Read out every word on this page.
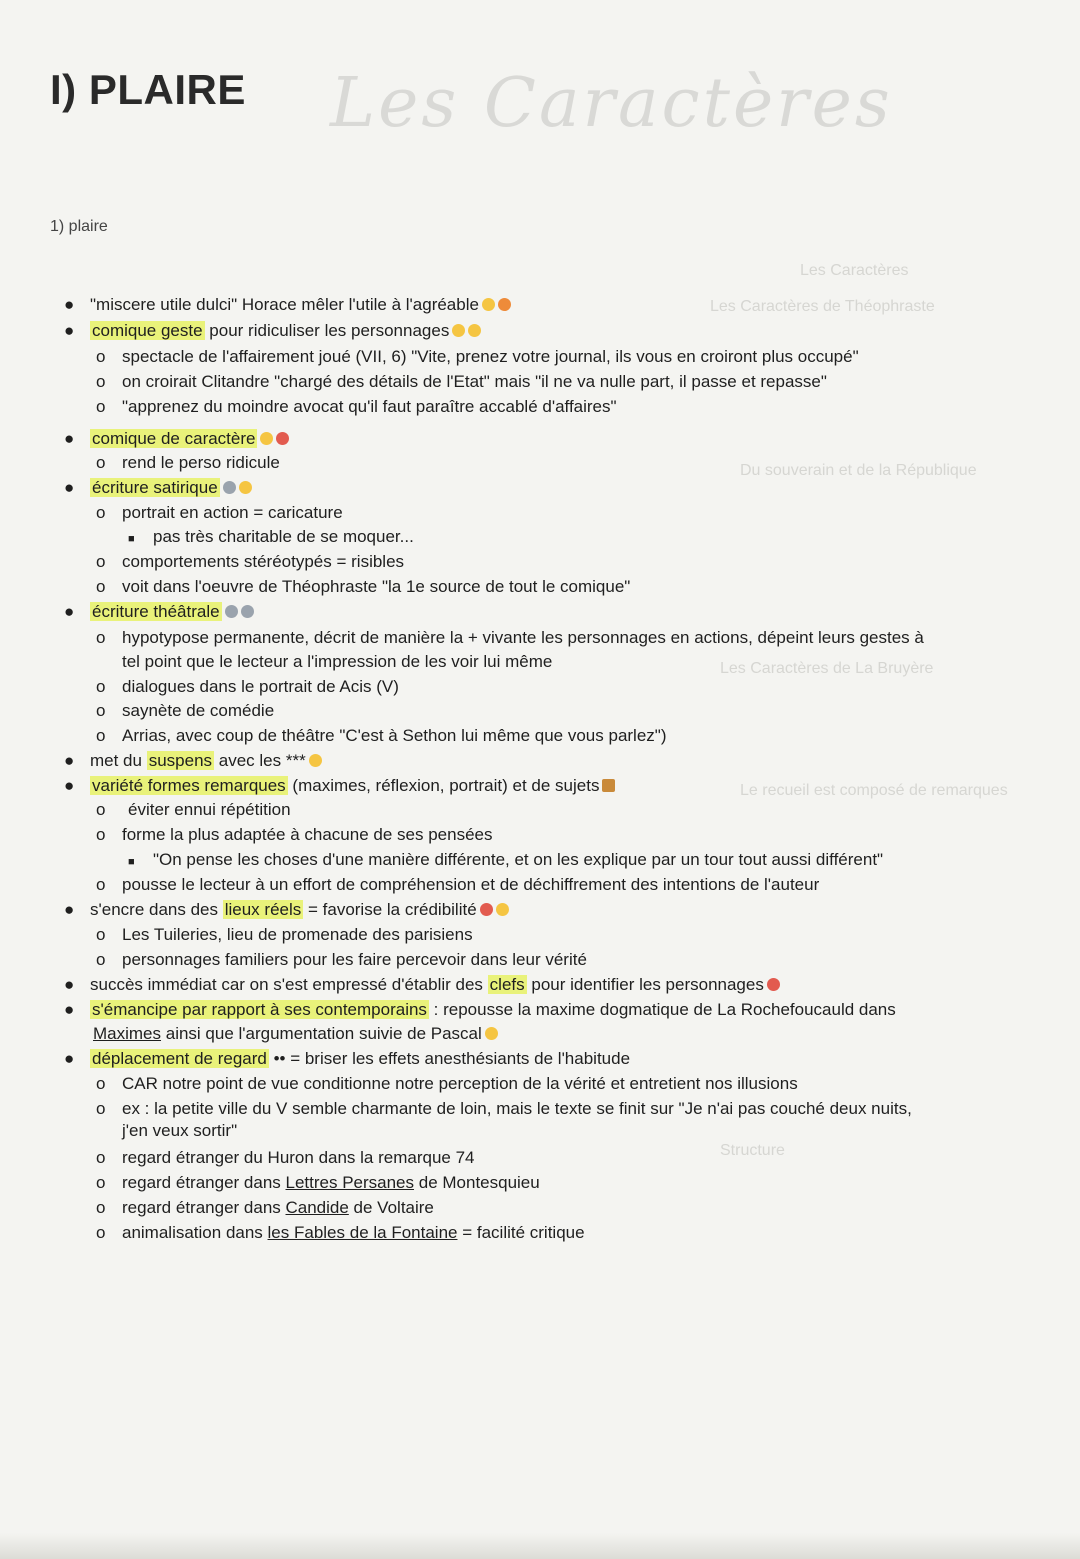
Les Caractères
Les Caractères
Les Caractères de Théophraste
Du souverain et de la République
Les Caractères de La Bruyère
Le recueil est composé de remarques
Structure
I) PLAIRE
1) plaire
● "miscere utile dulci" Horace mêler l'utile à l'agréable
● comique geste pour ridiculiser les personnages
o spectacle de l'affairement joué (VII, 6) "Vite, prenez votre journal, ils vous en croiront plus occupé"
o on croirait Clitandre "chargé des détails de l'Etat" mais "il ne va nulle part, il passe et repasse"
o "apprenez du moindre avocat qu'il faut paraître accablé d'affaires"
● comique de caractère
o rend le perso ridicule
● écriture satirique
o portrait en action = caricature
■ pas très charitable de se moquer...
o comportements stéréotypés = risibles
o voit dans l'oeuvre de Théophraste "la 1e source de tout le comique"
● écriture théâtrale
o hypotypose permanente, décrit de manière la + vivante les personnages en actions, dépeint leurs gestes à
tel point que le lecteur a l'impression de les voir lui même
o dialogues dans le portrait de Acis (V)
o saynète de comédie
o Arrias, avec coup de théâtre "C'est à Sethon lui même que vous parlez")
● met du suspens avec les ***
● variété formes remarques (maximes, réflexion, portrait) et de sujets
o éviter ennui répétition
o forme la plus adaptée à chacune de ses pensées
■ "On pense les choses d'une manière différente, et on les explique par un tour tout aussi différent"
o pousse le lecteur à un effort de compréhension et de déchiffrement des intentions de l'auteur
● s'encre dans des lieux réels = favorise la crédibilité
o Les Tuileries, lieu de promenade des parisiens
o personnages familiers pour les faire percevoir dans leur vérité
● succès immédiat car on s'est empressé d'établir des clefs pour identifier les personnages
● s'émancipe par rapport à ses contemporains : repousse la maxime dogmatique de La Rochefoucauld dans
Maximes ainsi que l'argumentation suivie de Pascal
● déplacement de regard •• = briser les effets anesthésiants de l'habitude
o CAR notre point de vue conditionne notre perception de la vérité et entretient nos illusions
o ex : la petite ville du V semble charmante de loin, mais le texte se finit sur "Je n'ai pas couché deux nuits,
j'en veux sortir"
o regard étranger du Huron dans la remarque 74
o regard étranger dans Lettres Persanes de Montesquieu
o regard étranger dans Candide de Voltaire
o animalisation dans les Fables de la Fontaine = facilité critique
